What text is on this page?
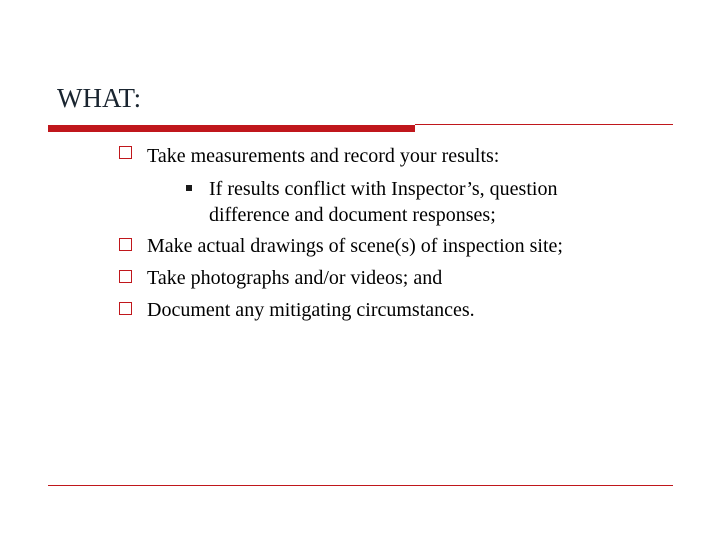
WHAT:
Take measurements and record your results:
If results conflict with Inspector’s, question
difference and document responses;
Make actual drawings of scene(s) of inspection site;
Take photographs and/or videos; and
Document any mitigating circumstances.
